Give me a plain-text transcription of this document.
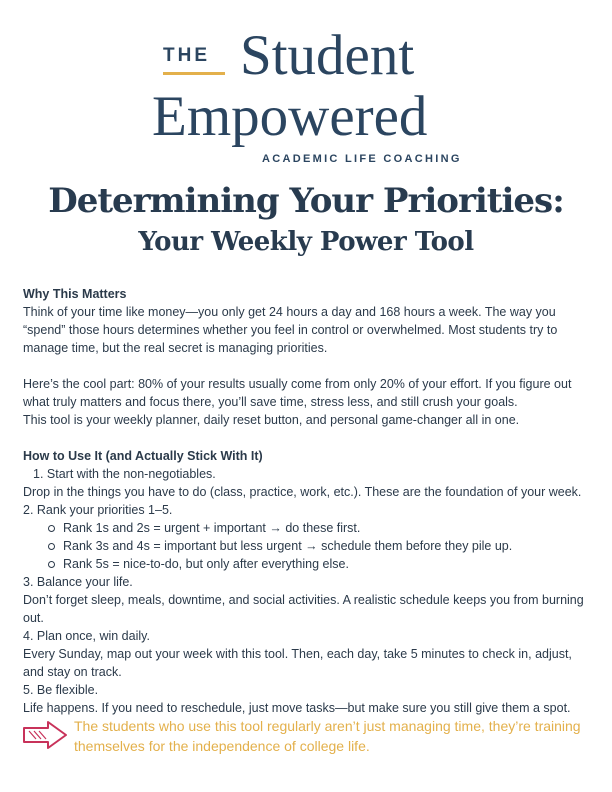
THE Student
Empowered
ACADEMIC LIFE COACHING
Determining Your Priorities:
Your Weekly Power Tool

Why This Matters

Think of your time like money—you only get 24 hours a day and 168 hours a week. The way you “spend” those hours determines whether you feel in control or overwhelmed. Most students try to manage time, but the real secret is managing priorities.

Here’s the cool part: 80% of your results usually come from only 20% of your effort. If you figure out what truly matters and focus there, you’ll save time, stress less, and still crush your goals.

This tool is your weekly planner, daily reset button, and personal game-changer all in one.

How to Use It (and Actually Stick With It)

1. Start with the non-negotiables.

Drop in the things you have to do (class, practice, work, etc.). These are the foundation of your week.

2. Rank your priorities 1–5.

Rank 1s and 2s = urgent + important → do these first.
Rank 3s and 4s = important but less urgent → schedule them before they pile up.
Rank 5s = nice-to-do, but only after everything else.

3. Balance your life.

Don’t forget sleep, meals, downtime, and social activities. A realistic schedule keeps you from burning out.

4. Plan once, win daily.

Every Sunday, map out your week with this tool. Then, each day, take 5 minutes to check in, adjust, and stay on track.

5. Be flexible.

Life happens. If you need to reschedule, just move tasks—but make sure you still give them a spot.

The students who use this tool regularly aren’t just managing time, they’re training themselves for the independence of college life.
